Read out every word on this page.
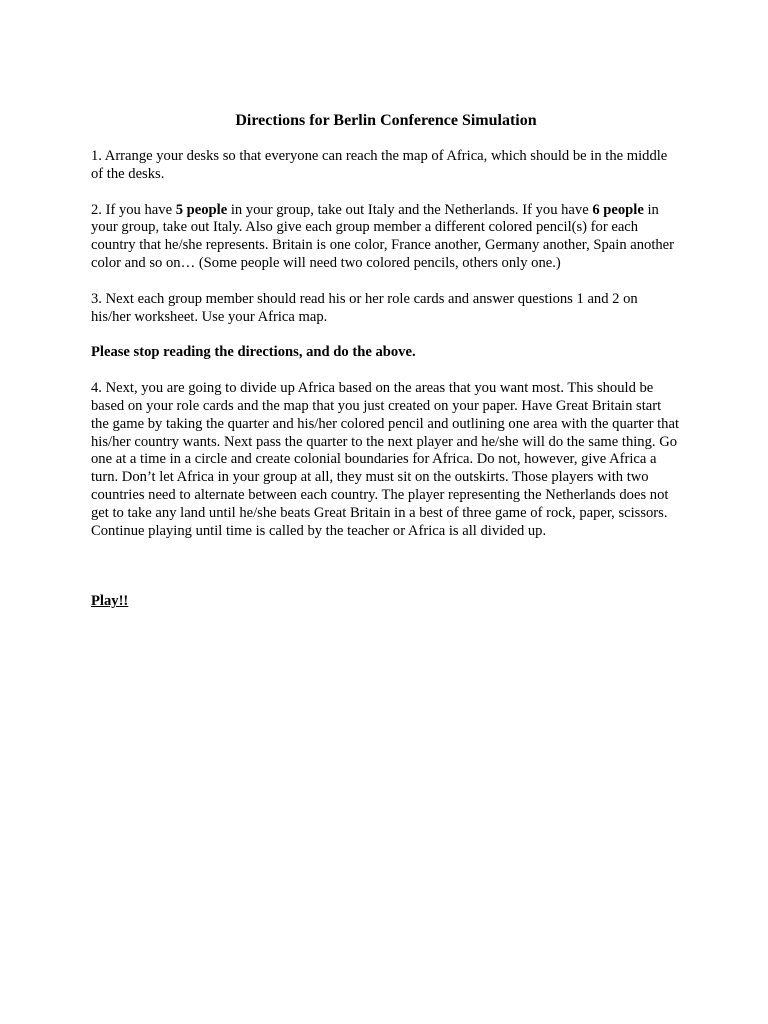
Directions for Berlin Conference Simulation

1. Arrange your desks so that everyone can reach the map of Africa, which should be in the middle of the desks.

2. If you have 5 people in your group, take out Italy and the Netherlands. If you have 6 people in your group, take out Italy. Also give each group member a different colored pencil(s) for each country that he/she represents. Britain is one color, France another, Germany another, Spain another color and so on… (Some people will need two colored pencils, others only one.)

3. Next each group member should read his or her role cards and answer questions 1 and 2 on his/her worksheet. Use your Africa map.

Please stop reading the directions, and do the above.

4. Next, you are going to divide up Africa based on the areas that you want most. This should be based on your role cards and the map that you just created on your paper. Have Great Britain start the game by taking the quarter and his/her colored pencil and outlining one area with the quarter that his/her country wants. Next pass the quarter to the next player and he/she will do the same thing. Go one at a time in a circle and create colonial boundaries for Africa. Do not, however, give Africa a turn. Don’t let Africa in your group at all, they must sit on the outskirts. Those players with two countries need to alternate between each country. The player representing the Netherlands does not get to take any land until he/she beats Great Britain in a best of three game of rock, paper, scissors. Continue playing until time is called by the teacher or Africa is all divided up.

Play!!
